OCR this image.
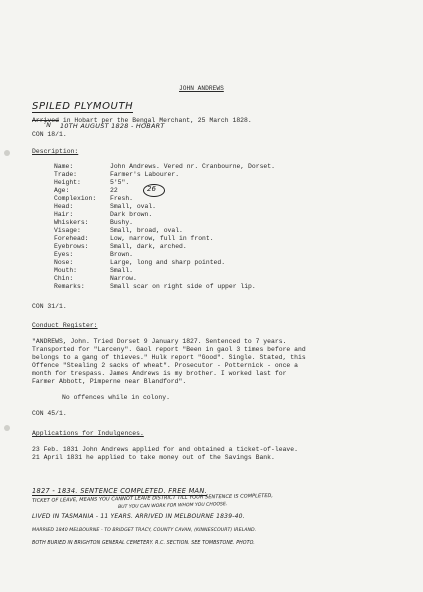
JOHN ANDREWS
SPILED PLYMOUTH
Arrived in Hobart per the Bengal Merchant, 25 March 1828.
ʼN 10TH AUGUST 1828 - HOBART
CON 18/1.
Description:
Name:	John Andrews. Vered nr. Cranbourne, Dorset.
Trade:	Farmer's Labourer.
Height:	5'5".
Age:	22
Complexion: Fresh.
Head:	Small, oval.
Hair:	Dark brown.
Whiskers:	Bushy.
Visage:	Small, broad, oval.
Forehead:	Low, narrow, full in front.
Eyebrows:	Small, dark, arched.
Eyes:	Brown.
Nose:	Large, long and sharp pointed.
Mouth:	Small.
Chin:	Narrow.
Remarks:	Small scar on right side of upper lip.
26
CON 31/1.
Conduct Register:
"ANDREWS, John. Tried Dorset 9 January 1827. Sentenced to 7 years.
Transported for "Larceny". Gaol report "Been in gaol 3 times before and
belongs to a gang of thieves." Hulk report "Good". Single. Stated, this
Offence "Stealing 2 sacks of wheat". Prosecutor - Potternick - once a
month for trespass. James Andrews is my brother. I worked last for
Farmer Abbott, Pimperne near Blandford".
No offences while in colony.
CON 45/1.
Applications for Indulgences.
23 Feb. 1831 John Andrews applied for and obtained a ticket-of-leave.
21 April 1831 he applied to take money out of the Savings Bank.
1827 - 1834. SENTENCE COMPLETED. FREE MAN.
TICKET OF LEAVE, MEANS YOU CANNOT LEAVE DISTRICT TILL YOUR SENTENCE IS COMPLETED,
BUT YOU CAN WORK FOR WHOM YOU CHOOSE.
LIVED IN TASMANIA - 11 YEARS. ARRIVED IN MELBOURNE 1839-40.
MARRIED 1840 MELBOURNE - TO BRIDGET TRACY, COUNTY CAVAN, (KINNESCOURT) IRELAND.
BOTH BURIED IN BRIGHTON GENERAL CEMETERY. R.C. SECTION. SEE TOMBSTONE. PHOTO.
